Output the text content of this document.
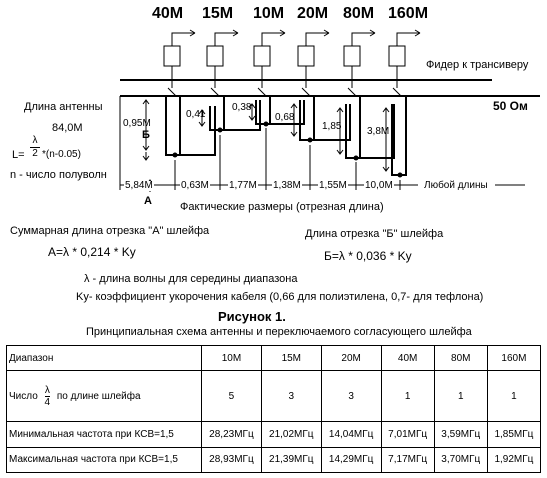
40M 15M 10M 20M 80M 160M
Фидер к трансиверу
50 Ом
Длина антенны
84,0М
L=
λ
2 *(n-0.05)
n - число полуволн
0,95М
0,41
0,38
0,68
1,85	3,8М
Б
A
5,84М	0,63М 1,77М 1,38М 1,55М 10,0М	Любой длины
Фактические размеры (отрезная длина)
Суммарная длина отрезка "А" шлейфа
A=λ * 0,214 * Ky
Длина отрезка "Б" шлейфа
Б=λ * 0,036 * Ky
λ - длина волны для середины диапазона
Ky- коэффициент укорочения кабеля (0,66 для полиэтилена, 0,7- для тефлона)
Рисунок 1.
Принципиальная схема антенны и переключаемого согласующего шлейфа
Диапазон	10М	15М	20М	40М	80М	160М
Число $\frac{\lambda}{4}$ по длине шлейфа	5	3	3	1	1	1
Минимальная частота при КСВ=1,5	28,23МГц	21,02МГц	14,04МГц	7,01МГц	3,59МГц	1,85МГц
Максимальная частота при КСВ=1,5	28,93МГц	21,39МГц	14,29МГц	7,17МГц	3,70МГц	1,92МГц
